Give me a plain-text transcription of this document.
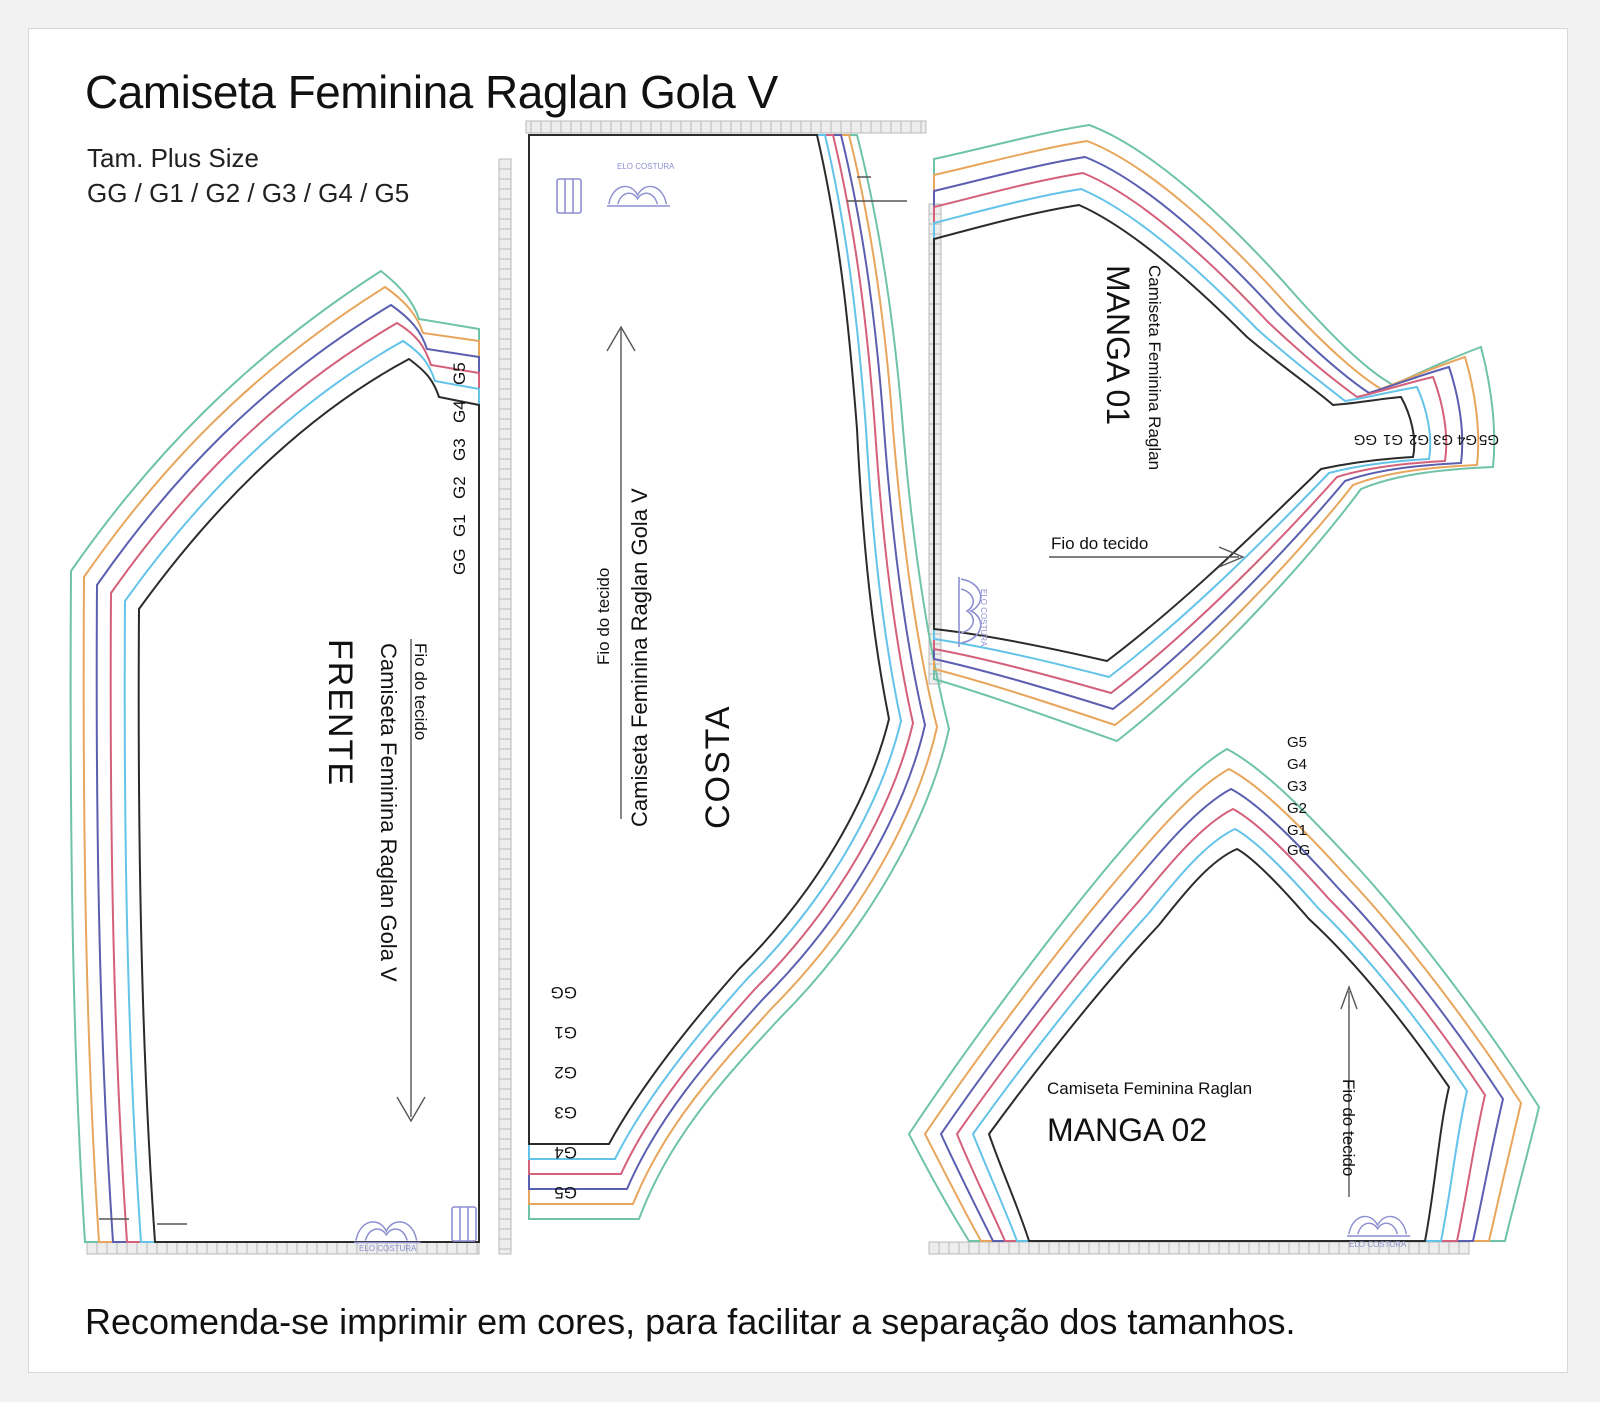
Camiseta Feminina Raglan Gola V
Tam. Plus Size
GG / G1 / G2 / G3 / G4 / G5
G5
G4
G3
G2
G1
GG
Fio do tecido
Camiseta Feminina Raglan Gola V
FRENTE
ELO COSTURA
GG
G1
G2
G3
G4
G5
Fio do tecido Camiseta Feminina Raglan Gola V COSTA
ELO COSTURA
GG G1 G2 G3 G4 G5
Camiseta Feminina Raglan
MANGA 01
Fio do tecido
ELO COSTURA
G5
G4
G3
G2
G1
GG
Camiseta Feminina Raglan
MANGA 02	Fio do tecido
ELO COSTURA
Recomenda-se imprimir em cores, para facilitar a separação dos tamanhos.
